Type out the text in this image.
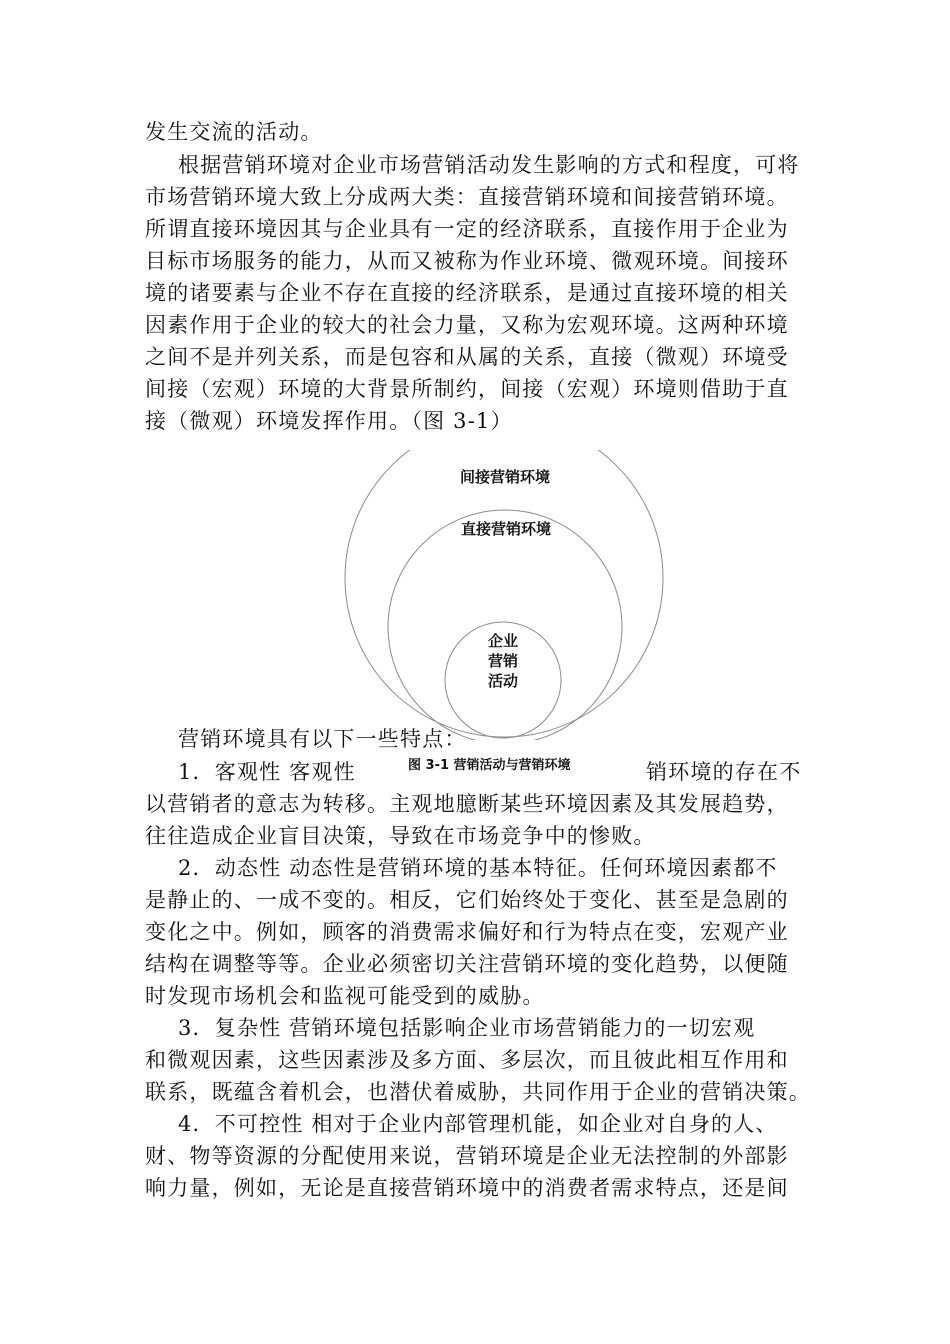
发生交流的活动。
根据营销环境对企业市场营销活动发生影响的方式和程度，可将
市场营销环境大致上分成两大类：直接营销环境和间接营销环境。
所谓直接环境因其与企业具有一定的经济联系，直接作用于企业为
目标市场服务的能力，从而又被称为作业环境、微观环境。间接环
境的诸要素与企业不存在直接的经济联系，是通过直接环境的相关
因素作用于企业的较大的社会力量，又称为宏观环境。这两种环境
之间不是并列关系，而是包容和从属的关系，直接（微观）环境受
间接（宏观）环境的大背景所制约，间接（宏观）环境则借助于直
接（微观）环境发挥作用。（图 3-1）
间接营销环境
直接营销环境
企业
营销
活动
营销环境具有以下一些特点：
1．客观性 客观性	销环境的存在不
图 3-1 营销活动与营销环境
以营销者的意志为转移。主观地臆断某些环境因素及其发展趋势，
往往造成企业盲目决策，导致在市场竞争中的惨败。
2．动态性 动态性是营销环境的基本特征。任何环境因素都不
是静止的、一成不变的。相反，它们始终处于变化、甚至是急剧的
变化之中。例如，顾客的消费需求偏好和行为特点在变，宏观产业
结构在调整等等。企业必须密切关注营销环境的变化趋势，以便随
时发现市场机会和监视可能受到的威胁。
3．复杂性 营销环境包括影响企业市场营销能力的一切宏观
和微观因素，这些因素涉及多方面、多层次，而且彼此相互作用和
联系，既蕴含着机会，也潜伏着威胁，共同作用于企业的营销决策。
4．不可控性 相对于企业内部管理机能，如企业对自身的人、
财、物等资源的分配使用来说，营销环境是企业无法控制的外部影
响力量，例如，无论是直接营销环境中的消费者需求特点，还是间
